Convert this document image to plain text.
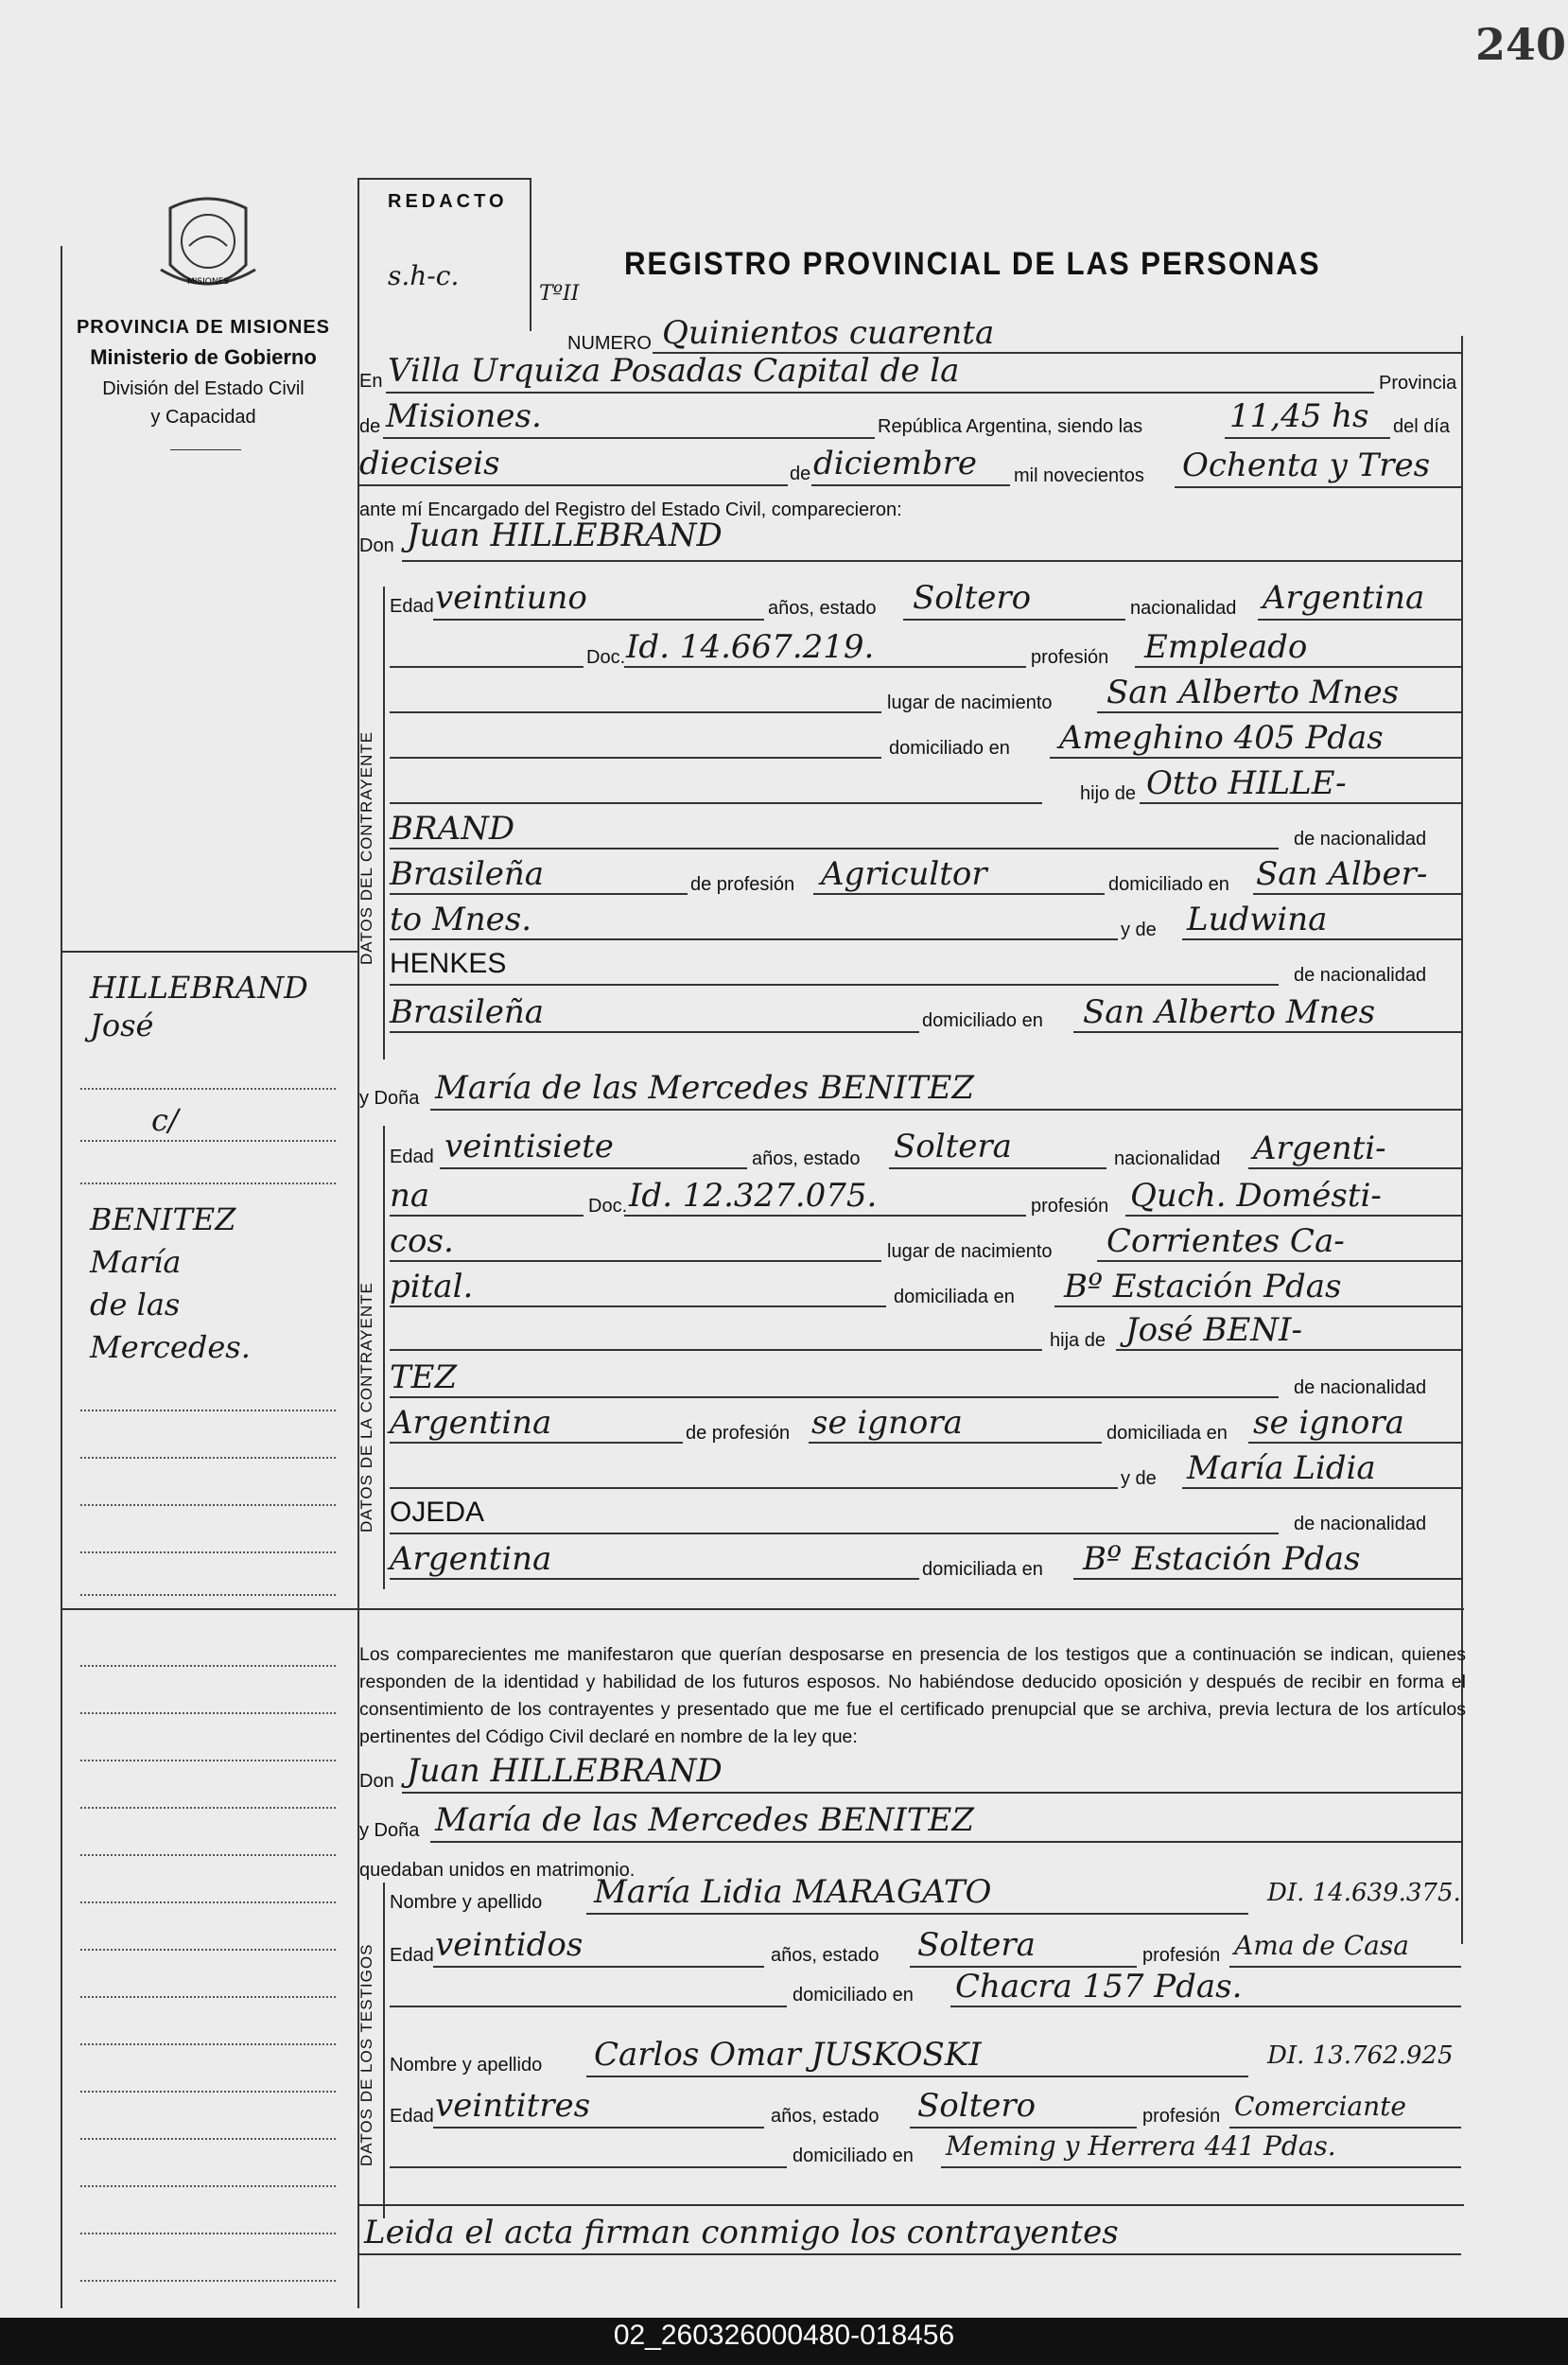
240
MISIONES
PROVINCIA DE MISIONES
Ministerio de Gobierno
División del Estado Civil
y Capacidad
HILLEBRAND
José
c/
BENITEZ
María
de las
Mercedes.
REDACTO
s.h-c.	REGISTRO PROVINCIAL DE LAS PERSONAS
TºII
NUMERO Quinientos cuarenta
En Villa Urquiza Posadas Capital de la	Provincia
de Misiones.	República Argentina, siendo las	11,45 hs del día
dieciseis	de diciembre mil novecientos Ochenta y Tres
ante mí Encargado del Registro del Estado Civil, comparecieron:
Don Juan HILLEBRAND
DATOS DEL CONTRAYENTE
Edad veintiuno	años, estado Soltero	nacionalidad Argentina
Doc. Id. 14.667.219.	profesión Empleado
lugar de nacimiento San Alberto Mnes
domiciliado en Ameghino 405 Pdas
hijo de Otto HILLE-
BRAND	de nacionalidad
Brasileña	de profesión Agricultor	domiciliado en San Alber-
to Mnes.	y de Ludwina
HENKES	de nacionalidad
Brasileña	domiciliado en San Alberto Mnes
y Doña María de las Mercedes BENITEZ
DATOS DE LA CONTRAYENTE
Edad veintisiete	años, estado Soltera	nacionalidad Argenti-
na	Doc. Id. 12.327.075.	profesión Quch. Domésti-
cos.	lugar de nacimiento Corrientes Ca-
pital.	domiciliada en Bº Estación Pdas
hija de José BENI-
TEZ	de nacionalidad
Argentina	de profesión se ignora	domiciliada en se ignora
y de María Lidia
OJEDA	de nacionalidad
Argentina	domiciliada en Bº Estación Pdas
Los comparecientes me manifestaron que querían desposarse en presencia de los testigos que a continuación se indican, quienes responden de la identidad y habilidad de los futuros esposos. No habiéndose deducido oposición y después de recibir en forma el consentimiento de los contrayentes y presentado que me fue el certificado prenupcial que se archiva, previa lectura de los artículos pertinentes del Código Civil declaré en nombre de la ley que:
Don Juan HILLEBRAND
y Doña María de las Mercedes BENITEZ
quedaban unidos en matrimonio.
DATOS DE LOS TESTIGOS
Nombre y apellido María Lidia MARAGATO	DI. 14.639.375.
Edad veintidos	años, estado Soltera	profesión Ama de Casa
domiciliado en Chacra 157 Pdas.
Nombre y apellido Carlos Omar JUSKOSKI	DI. 13.762.925
Edad veintitres	años, estado Soltero	profesión Comerciante
domiciliado en Meming y Herrera 441 Pdas.
Leida el acta firman conmigo los contrayentes
02_260326000480-018456
